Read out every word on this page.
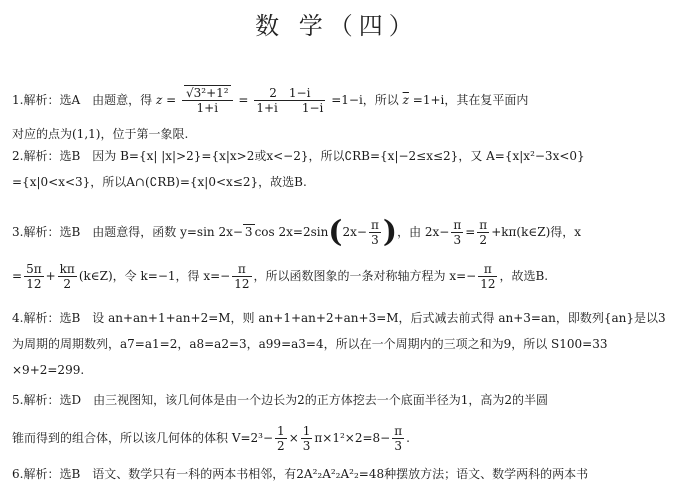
数 学（四）
1.解析：选A　由题意，得 $z = \frac{\text{√3²+1²}}{1+i} = \frac{2 1-i}{1+i 1-i} =1-i$，所以 $\overline{z} =1+i$，其在复平面内
对应的点为(1,1)，位于第一象限.
2.解析：选B　因为 B={x| |x|>2}={x|x>2或x<−2}，所以∁RB={x|−2≤x≤2}，又 A={x|x²−3x<0}
={x|0<x<3}，所以A∩(∁RB)={x|0<x≤2}，故选B.
3.解析：选B　由题意得，函数 y=sin 2x− 3 $\cos 2x=2\sin(2x- \frac{\pi}{3}$ )，由 $2x- \frac{\pi}{3} = \frac{\pi}{2}$ +kπ(k∈Z)得，x
= $\frac{5\pi}{12} + \frac{k\pi}{2}$ (k∈Z)，令 k=−1，得 $x=- \frac{\pi}{12}$ ，所以函数图象的一条对称轴方程为 $x=- \frac{\pi}{12}$ ，故选B.
4.解析：选B　设 an+an+1+an+2=M，则 an+1+an+2+an+3=M，后式减去前式得 an+3=an，即数列{an}是以3
为周期的周期数列，a7=a1=2，a8=a2=3，a99=a3=4，所以在一个周期内的三项之和为9，所以 S100=33
×9+2=299.
5.解析：选D　由三视图知，该几何体是由一个边长为2的正方体挖去一个底面半径为1，高为2的半圆
锥而得到的组合体，所以该几何体的体积 $V=2^3- \frac{1}{2} \times \frac{1}{3} \pi\times 1^2\times 2=8- \frac{\pi}{3}$ .
6.解析：选B　语文、数学只有一科的两本书相邻，有2A²₂A²₂A²₂=48种摆放方法；语文、数学两科的两本书
